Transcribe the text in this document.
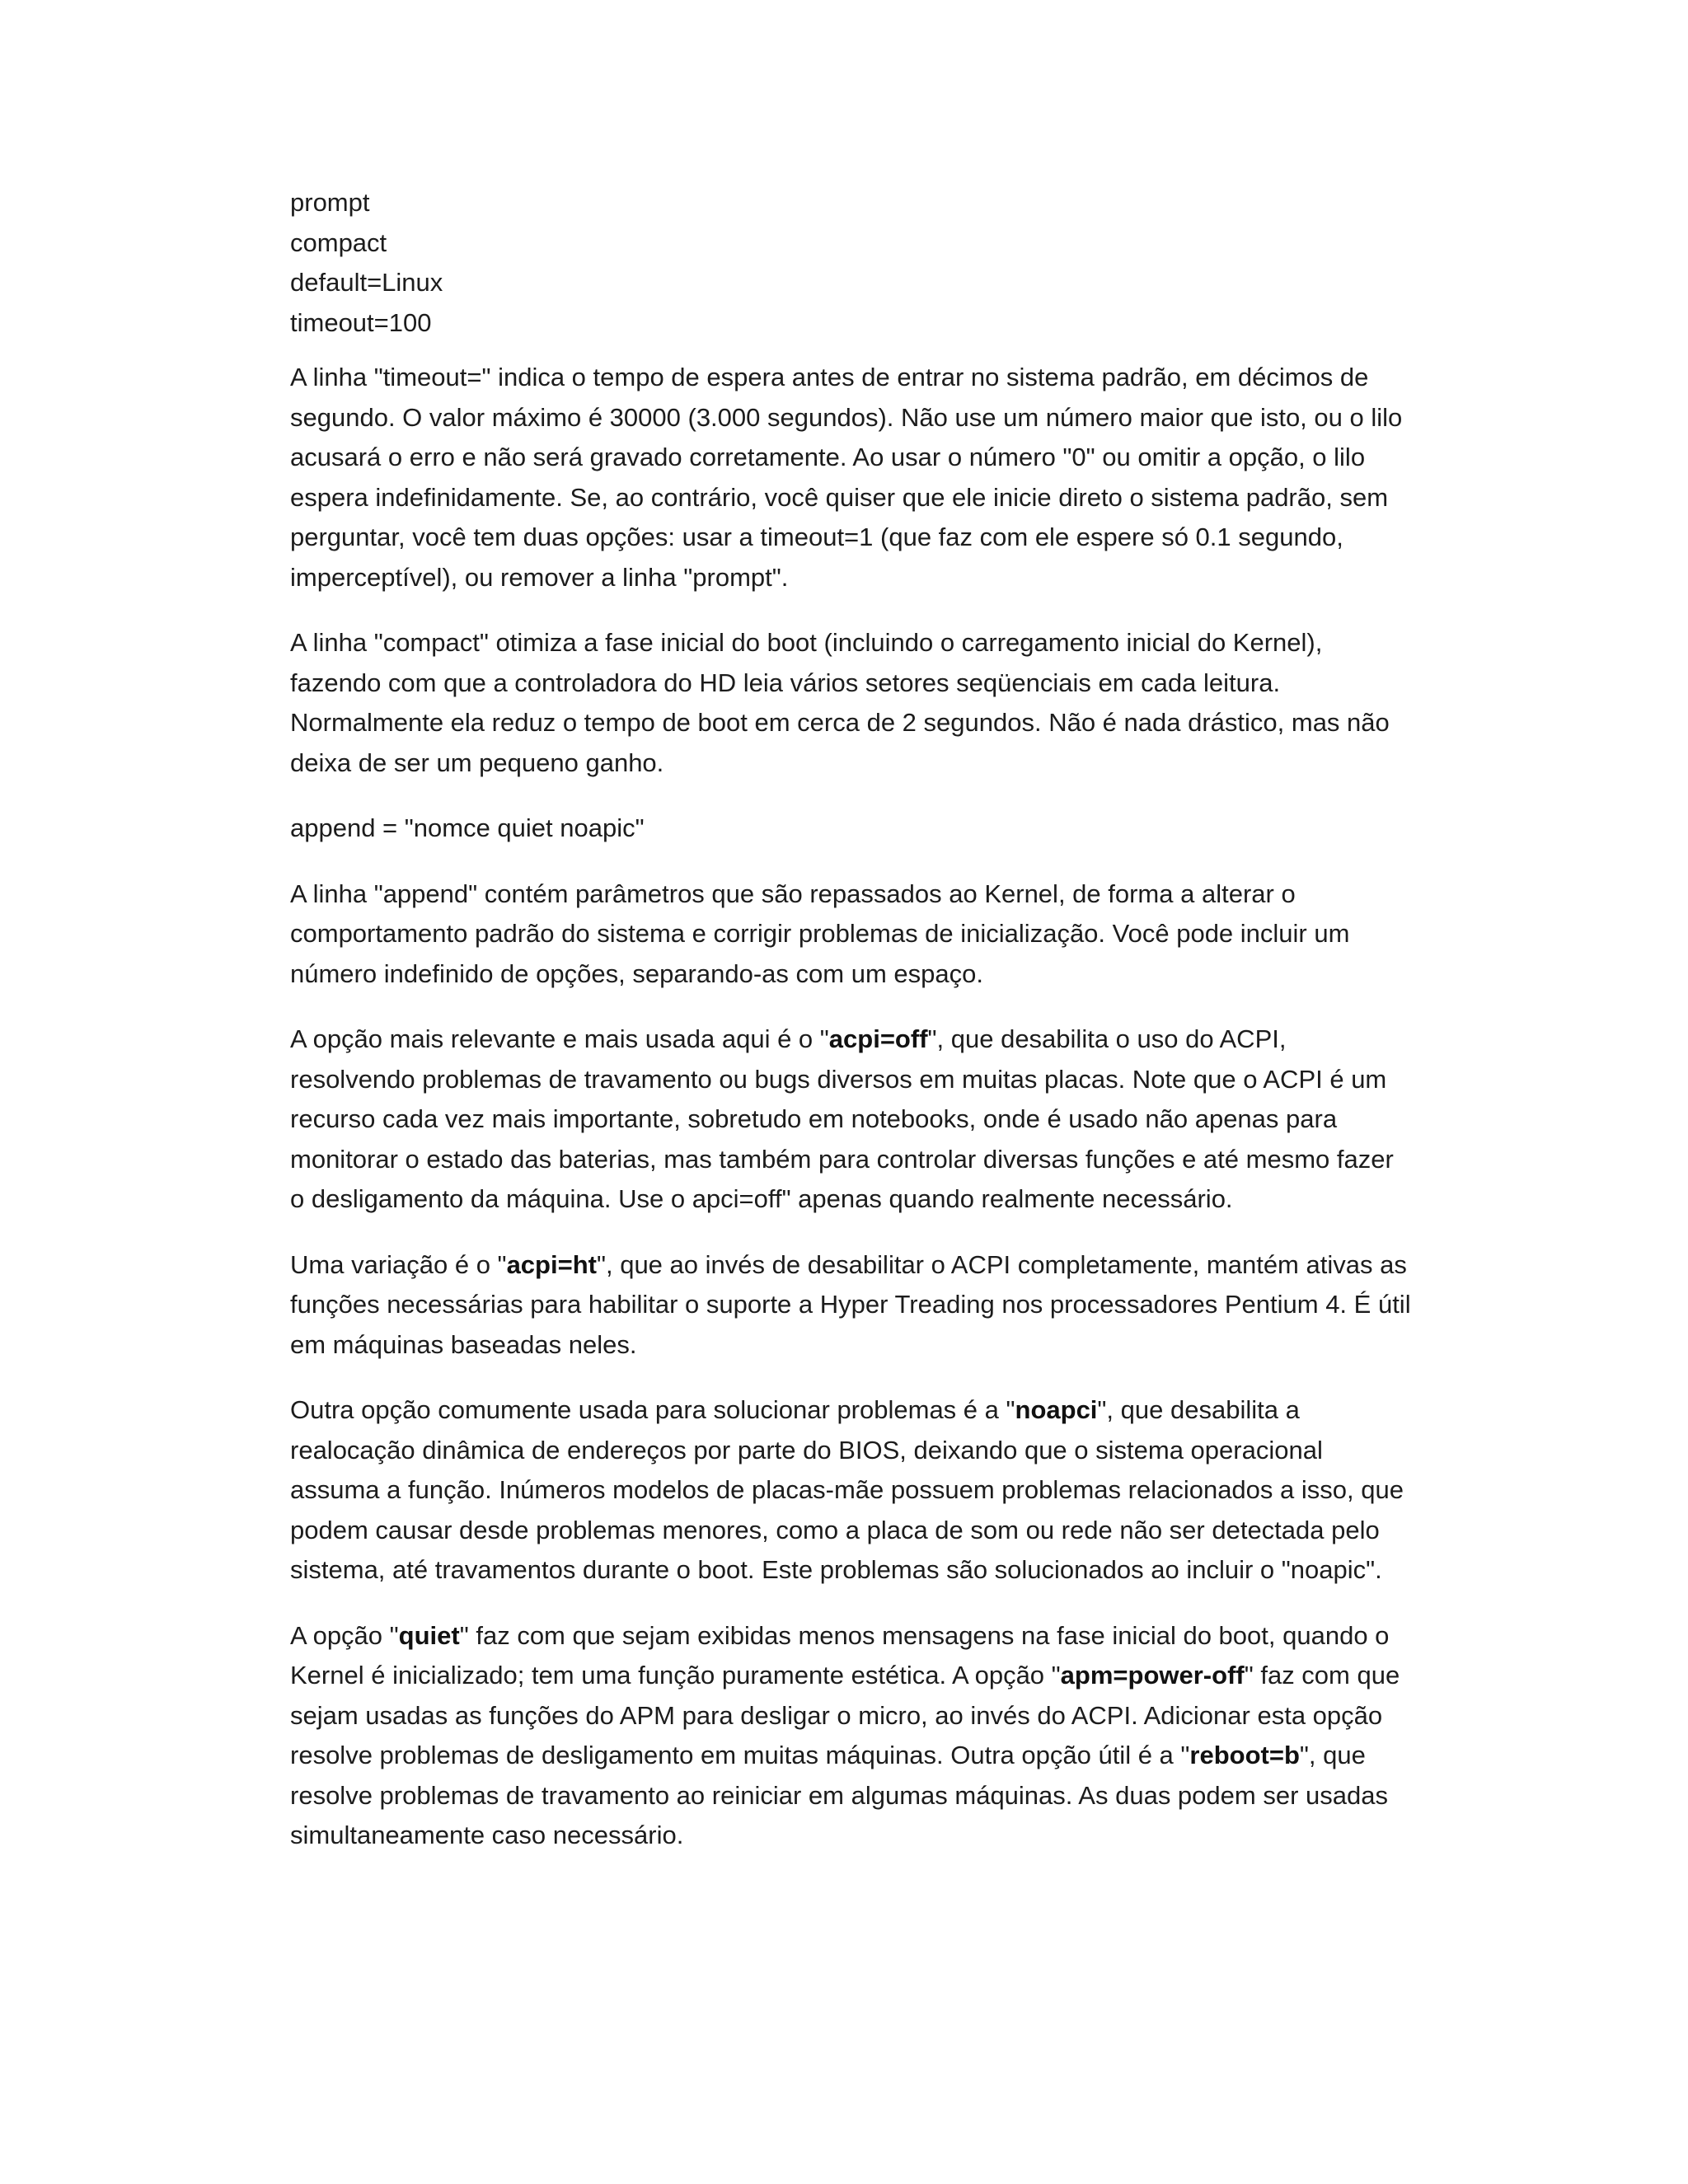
prompt
compact
default=Linux
timeout=100

A linha "timeout=" indica o tempo de espera antes de entrar no sistema padrão, em décimos de segundo. O valor máximo é 30000 (3.000 segundos). Não use um número maior que isto, ou o lilo acusará o erro e não será gravado corretamente. Ao usar o número "0" ou omitir a opção, o lilo espera indefinidamente. Se, ao contrário, você quiser que ele inicie direto o sistema padrão, sem perguntar, você tem duas opções: usar a timeout=1 (que faz com ele espere só 0.1 segundo, imperceptível), ou remover a linha "prompt".

A linha "compact" otimiza a fase inicial do boot (incluindo o carregamento inicial do Kernel), fazendo com que a controladora do HD leia vários setores seqüenciais em cada leitura. Normalmente ela reduz o tempo de boot em cerca de 2 segundos. Não é nada drástico, mas não deixa de ser um pequeno ganho.

append = "nomce quiet noapic"

A linha "append" contém parâmetros que são repassados ao Kernel, de forma a alterar o comportamento padrão do sistema e corrigir problemas de inicialização. Você pode incluir um número indefinido de opções, separando-as com um espaço.

A opção mais relevante e mais usada aqui é o "acpi=off", que desabilita o uso do ACPI, resolvendo problemas de travamento ou bugs diversos em muitas placas. Note que o ACPI é um recurso cada vez mais importante, sobretudo em notebooks, onde é usado não apenas para monitorar o estado das baterias, mas também para controlar diversas funções e até mesmo fazer o desligamento da máquina. Use o apci=off" apenas quando realmente necessário.

Uma variação é o "acpi=ht", que ao invés de desabilitar o ACPI completamente, mantém ativas as funções necessárias para habilitar o suporte a Hyper Treading nos processadores Pentium 4. É útil em máquinas baseadas neles.

Outra opção comumente usada para solucionar problemas é a "noapci", que desabilita a realocação dinâmica de endereços por parte do BIOS, deixando que o sistema operacional assuma a função. Inúmeros modelos de placas-mãe possuem problemas relacionados a isso, que podem causar desde problemas menores, como a placa de som ou rede não ser detectada pelo sistema, até travamentos durante o boot. Este problemas são solucionados ao incluir o "noapic".

A opção "quiet" faz com que sejam exibidas menos mensagens na fase inicial do boot, quando o Kernel é inicializado; tem uma função puramente estética. A opção "apm=power-off" faz com que sejam usadas as funções do APM para desligar o micro, ao invés do ACPI. Adicionar esta opção resolve problemas de desligamento em muitas máquinas. Outra opção útil é a "reboot=b", que resolve problemas de travamento ao reiniciar em algumas máquinas. As duas podem ser usadas simultaneamente caso necessário.
